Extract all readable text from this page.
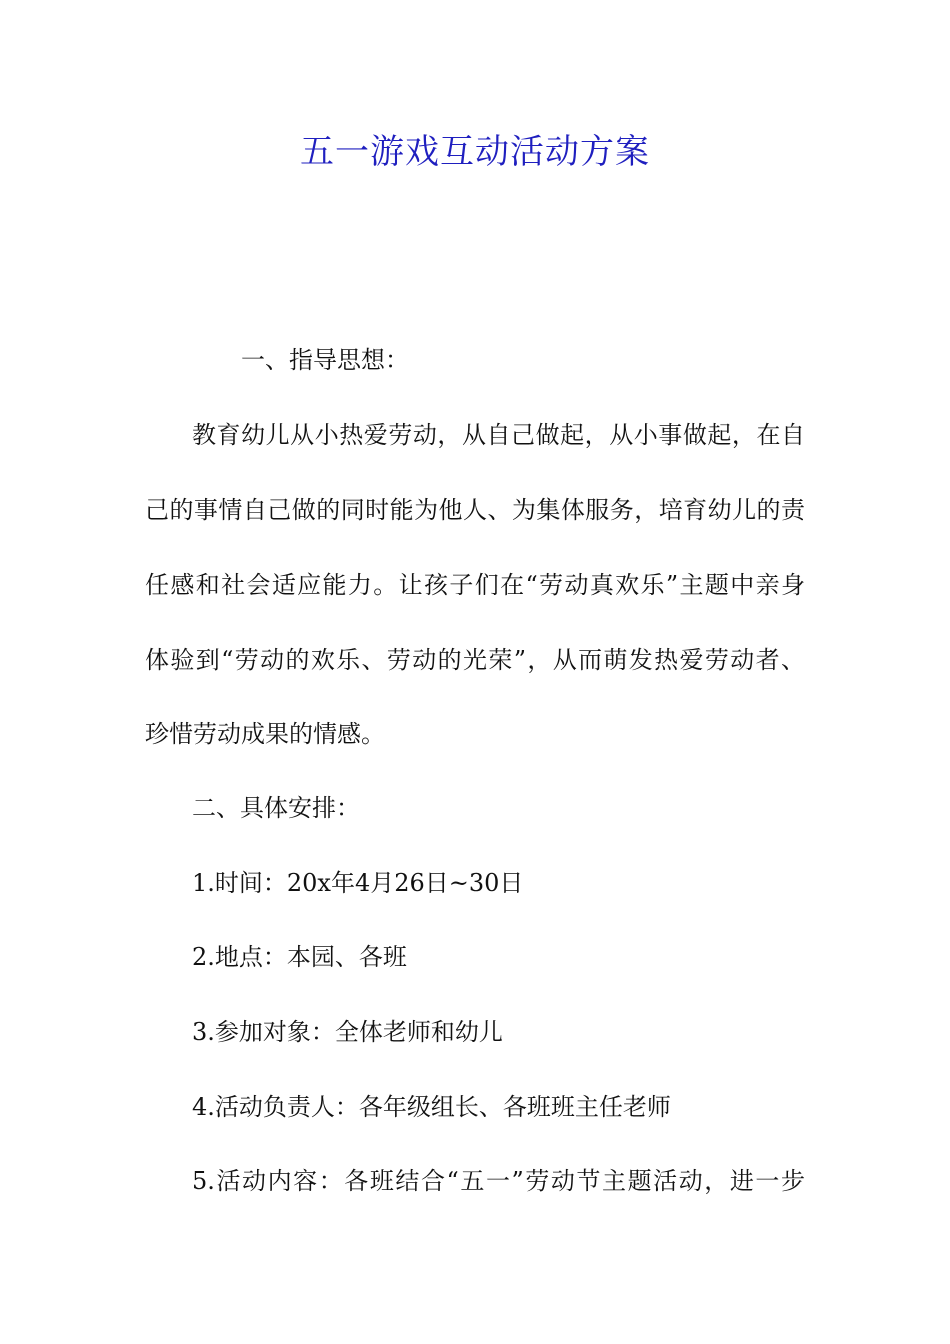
五一游戏互动活动方案
一、指导思想：
教育幼儿从小热爱劳动，从自己做起，从小事做起，在自
己的事情自己做的同时能为他人、为集体服务，培育幼儿的责
任感和社会适应能力。让孩子们在“劳动真欢乐”主题中亲身
体验到“劳动的欢乐、劳动的光荣”，从而萌发热爱劳动者、
珍惜劳动成果的情感。
二、具体安排：
1.时间：20x年4月26日~30日
2.地点：本园、各班
3.参加对象：全体老师和幼儿
4.活动负责人：各年级组长、各班班主任老师
5.活动内容：各班结合“五一”劳动节主题活动，进一步
